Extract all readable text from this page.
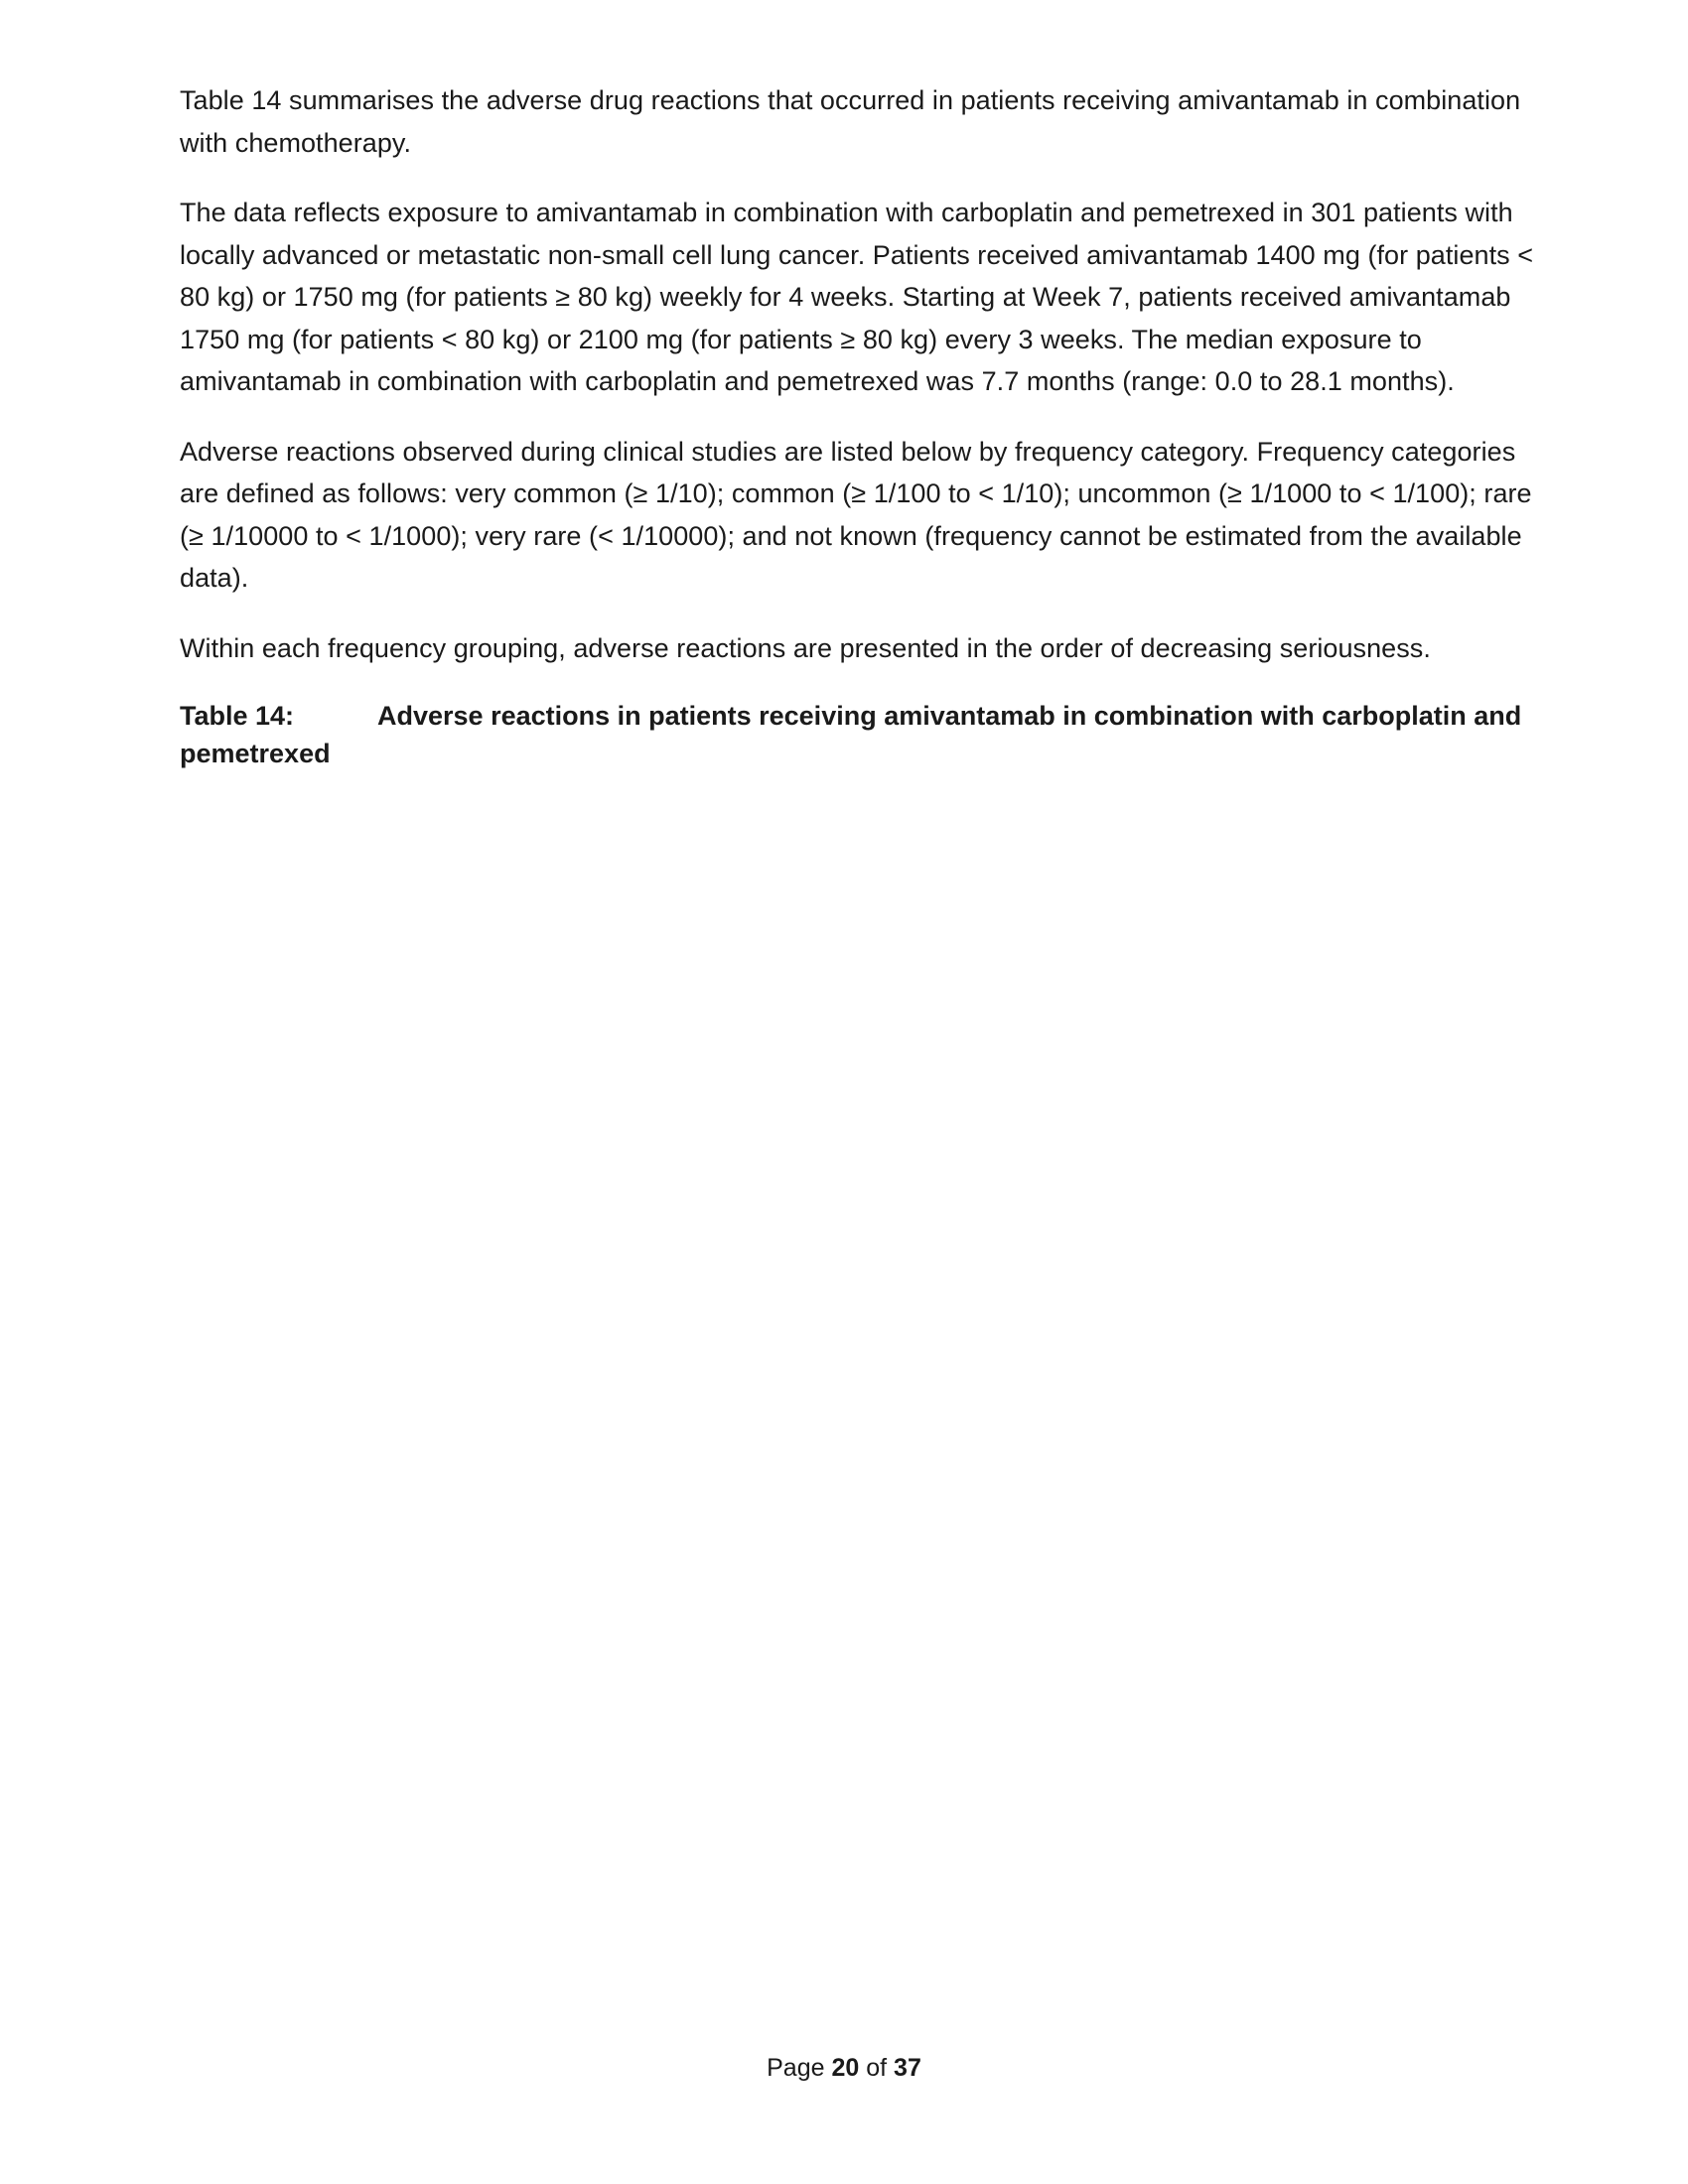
Table 14 summarises the adverse drug reactions that occurred in patients receiving amivantamab in combination with chemotherapy.

The data reflects exposure to amivantamab in combination with carboplatin and pemetrexed in 301 patients with locally advanced or metastatic non-small cell lung cancer. Patients received amivantamab 1400 mg (for patients < 80 kg) or 1750 mg (for patients ≥ 80 kg) weekly for 4 weeks. Starting at Week 7, patients received amivantamab 1750 mg (for patients < 80 kg) or 2100 mg (for patients ≥ 80 kg) every 3 weeks. The median exposure to amivantamab in combination with carboplatin and pemetrexed was 7.7 months (range: 0.0 to 28.1 months).

Adverse reactions observed during clinical studies are listed below by frequency category. Frequency categories are defined as follows: very common (≥ 1/10); common (≥ 1/100 to < 1/10); uncommon (≥ 1/1000 to < 1/100); rare (≥ 1/10000 to < 1/1000); very rare (< 1/10000); and not known (frequency cannot be estimated from the available data).

Within each frequency grouping, adverse reactions are presented in the order of decreasing seriousness.

Table 14:	Adverse reactions in patients receiving amivantamab in combination with carboplatin and pemetrexed

Page 20 of 37
